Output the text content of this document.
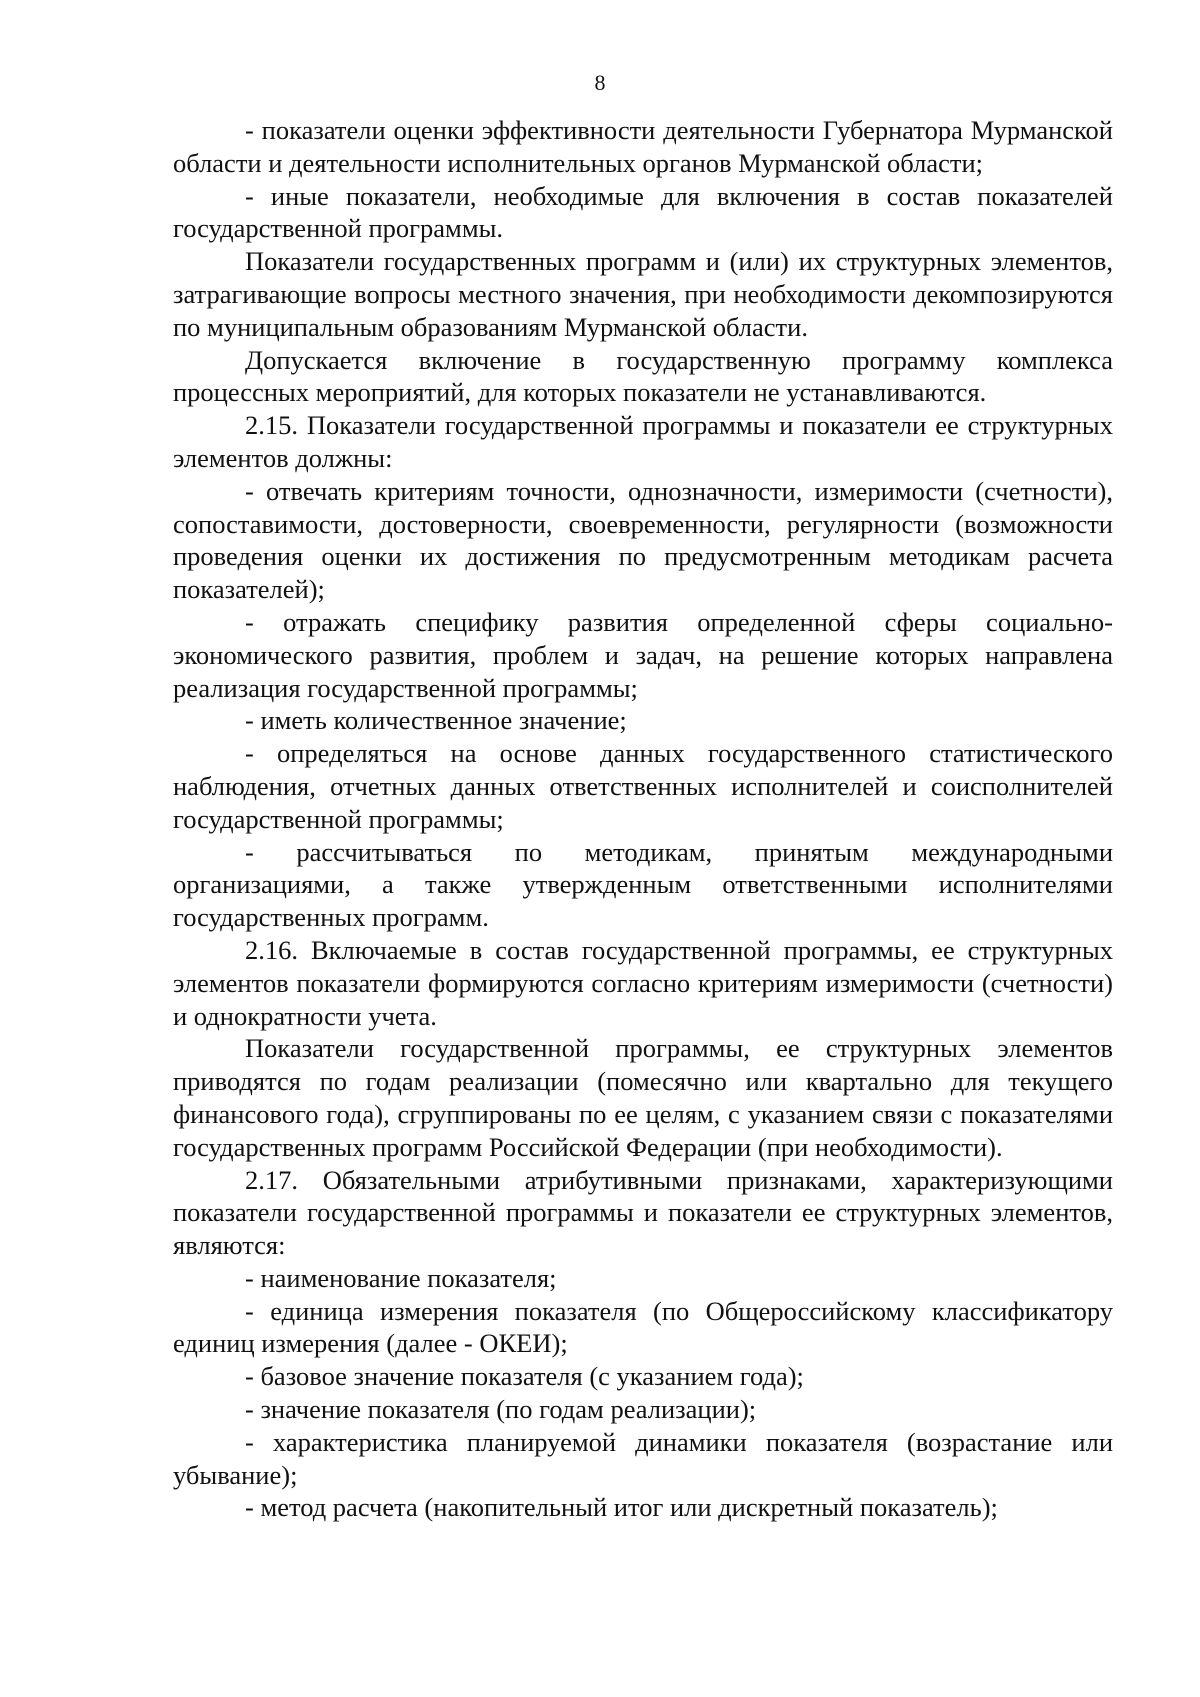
8

- показатели оценки эффективности деятельности Губернатора Мурманской области и деятельности исполнительных органов Мурманской области;

- иные показатели, необходимые для включения в состав показателей государственной программы.

Показатели государственных программ и (или) их структурных элементов, затрагивающие вопросы местного значения, при необходимости декомпозируются по муниципальным образованиям Мурманской области.

Допускается включение в государственную программу комплекса процессных мероприятий, для которых показатели не устанавливаются.

2.15. Показатели государственной программы и показатели ее структурных элементов должны:

- отвечать критериям точности, однозначности, измеримости (счетности), сопоставимости, достоверности, своевременности, регулярности (возможности проведения оценки их достижения по предусмотренным методикам расчета показателей);

- отражать специфику развития определенной сферы социально-экономического развития, проблем и задач, на решение которых направлена реализация государственной программы;

- иметь количественное значение;

- определяться на основе данных государственного статистического наблюдения, отчетных данных ответственных исполнителей и соисполнителей государственной программы;

- рассчитываться по методикам, принятым международными организациями, а также утвержденным ответственными исполнителями государственных программ.

2.16. Включаемые в состав государственной программы, ее структурных элементов показатели формируются согласно критериям измеримости (счетности) и однократности учета.

Показатели государственной программы, ее структурных элементов приводятся по годам реализации (помесячно или квартально для текущего финансового года), сгруппированы по ее целям, с указанием связи с показателями государственных программ Российской Федерации (при необходимости).

2.17. Обязательными атрибутивными признаками, характеризующими показатели государственной программы и показатели ее структурных элементов, являются:

- наименование показателя;

- единица измерения показателя (по Общероссийскому классификатору единиц измерения (далее - ОКЕИ);

- базовое значение показателя (с указанием года);

- значение показателя (по годам реализации);

- характеристика планируемой динамики показателя (возрастание или убывание);

- метод расчета (накопительный итог или дискретный показатель);
